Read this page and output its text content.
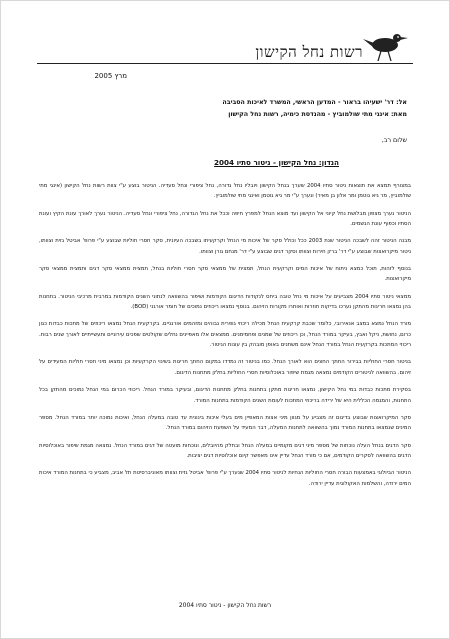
רשות נחל הקישון
מרץ 2005
אל: דר' ישעיהו בראור - המדען הראשי, המשרד לאיכות הסביבה
מאת: אינגי מתי שולמוביץ - מהנדסת כימיה, רשות נחל הקישון
שלום רב,
הנדון: נחל הקישון - ניטור סתיו 2004

במצורף תמצא את תוצאות ניטור סתיו 2004 שערך בנחל הקישון ויובליו נחל גדורה, נחל ציפורי ונחל סעדיה. הניטור בוצע ע"י צוות רשות נחל הקישון (אינגי מתי שולמוביץ, מר גיא גוטמן ומר אלון בן מאיר) ונערך ע"י מר גיא גוטמן ואינגי מתי שולמוביץ.

הניטור נערך מצפון מבלושת נחל קיוני אל הקישון ועד מוצא הנחל למפרץ חיפה וככל את נחל הגדורה, נחל ציפורי ונחל סעדיה. הניטור נערך לאורך עונת הקיץ ועונת הסתיו וכפוף עונת הגשמים.

מבנה הניטור זהה לשבכה הניטור שנת 2003 ככל וכולל סקר של איכות מי הנחל וקרקעיתו בשבכה העיונית, סקר חסרי חוליות שבוצע ע"י פרופ' אביטל גזית וצוותו, ניטור מיקרואצות שבוצע ע"י דר' ברק חירות וצוותו וסקר דגים שבוצע ע"י דר' מנחם גורן וצוותו.

בנוסף לזהות, תוכל כמצא ניתוח של איכות המים וקרקעית הנחל, תמצית של ממצאי סקר חסרי חוליות בנחל, תמצית ממצאי סקר דגים ותמצית ממצאי סקר מיקרואצות.

ממצאי ניטור סתיו 2004 מצביעים על איכות מי נחל טובה ביחס לנקודות הדיגום הקודמות ושיפור בהשוואה לנתוני השנים הקודמות במרבית מרכיבי הניטור. בתחנות בהן נמצאו חריגות מהתקן נערכו בדיקות חוזרות ואותרו מקורות הזיהום. בנוסף נמצאו ריכוזים נמוכים של חומר אורגני (BOD).

מורד הנחל נמצא במצב אנאירובי, כלומר שכבת קרקעית הנחל מכילה ריכוזי גופרית גבוהים ומזהמים אורגניים. בקרקעית הנחל נמצאו ריכוזים של מתכות כבדות כגון כרום, נחושת, ניקל ואבץ, בעיקר במורד הנחל, וכן ריכוזים של שמנים ופחמימנים. ממצאים אלו מאפיינים נחלים שקולטים שפכים עירוניים ותעשייתיים לאורך שנים רבות. ריכוזי המתכות בקרקעית הנחל במורד הנחל אינם משתנים באופן מובהק בין עונות הניטור.

בניטור חסרי החוליות בבירור החתך החצים הוא לאורך הנחל. כמו בניטור זה נמדדו במקום החתך חריגות בשינוי הקרקעיות וכן נמצאו מיני חסרי חוליות המעידים על זיהום. בהשוואה לניטורים הקודמים נמצאה מגמת שיפור באוכלוסיות חסרי החוליות בחלק מתחנות הדיגום.

בסקירת מתכות כבדות במי נחל הקישון, נמצאו חריגות מתקן בתחנות בחלק מתחנות הדיגום, ובעיקר במורד הנחל. ריכוזי הכרום במי הנחל נמוכים מהתקן בכל התחנות, והמגמה הכללית היא של ירידה בריכוזי המתכות לעומת השנים הקודמות בתחנות המורד.

סקר המיקרואצות שבוצע בדיגום זה מצביע על מגוון מיני אצות המאפיין מים בעלי איכות בינונית עד טובה במעלה הנחל, ואיכות נמוכה יותר במורד הנחל. מספר המינים שנמצאו בתחנות המורד נמוך בהשוואה לתחנות המעלה, דבר המעיד על השפעת הזיהום במורד הנחל.

סקר הדגים בנחל העלה נוכחות של מספר מיני דגים מקומיים במעלה הנחל ובחלק מהיובלים, ונוכחות מועטה של דגים במורד הנחל. נמצאה מגמת שיפור באוכלוסיות הדגים בהשוואה לסקרים הקודמים, אם כי מורד הנחל עדיין אינו מאפשר קיום אוכלוסיות דגים יציבות.

הניטור הביולוגי באמצעות הבורה חסרי החוליות הנחיות לניטור סתיו 2004 שנערך ע"י פרופ' אביטל גזית וצוותו מאוניברסיטת תל אביב, מצביע כי בתחנות המורד איכות המים ירודה, והשלמות האקולוגית עדיין ירודה.

רשות נחל הקישון - ניטור סתיו 2004
